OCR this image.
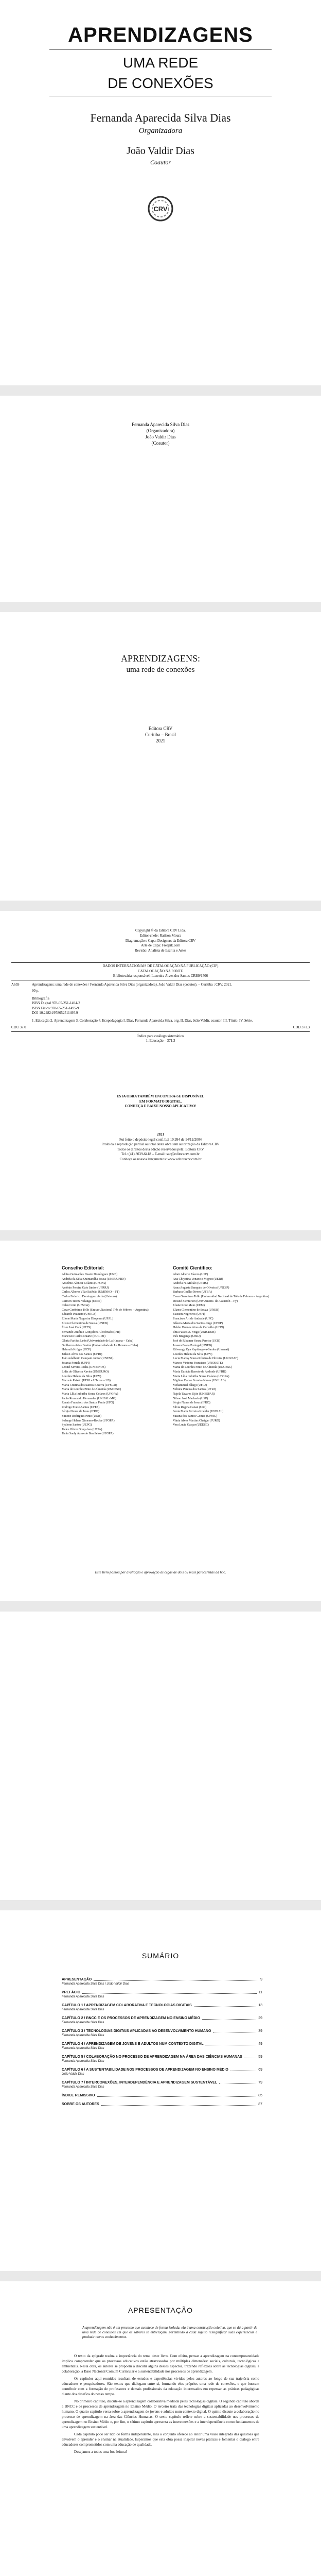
APRENDIZAGENS
UMA REDE
DE CONEXÕES
Fernanda Aparecida Silva Dias
Organizadora
João Valdir Dias
Coautor
CRV
Fernanda Aparecida Silva Dias
(Organizadora)
João Valdir Dias
(Coautor)
APRENDIZAGENS:
uma rede de conexões
Editora CRV
Curitiba – Brasil
2021
Copyright © da Editora CRV Ltda.
Editor-chefe: Railson Moura
Diagramação e Capa: Designers da Editora CRV
Arte de Capa: Freepik.com
Revisão: Analista de Escrita e Artes
DADOS INTERNACIONAIS DE CATALOGAÇÃO NA PUBLICAÇÃO (CIP)
CATALOGAÇÃO NA FONTE
Bibliotecária responsável: Luzenira Alves dos Santos CRB9/1506
A659	Aprendizagens: uma rede de conexões / Fernanda Aparecida Silva Dias (organizadora), João Valdir Dias (coautor). – Curitiba : CRV, 2021.
90 p.
Bibliografia
ISBN Digital 978-65-251-1494-2
ISBN Físico 978-65-251-1495-9
DOI 10.24824/978652511495.9
1. Educação 2. Aprendizagem 3. Colaboração 4. Ecopedagogia I. Dias, Fernanda Aparecida Silva. org. II. Dias, João Valdir. coautor. III. Título. IV. Série.
CDU 37.0	CDD 371.3
Índice para catálogo sistemático
1. Educação – 371.3
ESTA OBRA TAMBÉM ENCONTRA-SE DISPONÍVEL
EM FORMATO DIGITAL.
CONHEÇA E BAIXE NOSSO APLICATIVO!
2021
Foi feito o depósito legal conf. Lei 10.994 de 14/12/2004
Proibida a reprodução parcial ou total desta obra sem autorização da Editora CRV
Todos os direitos desta edição reservados pela: Editora CRV
Tel.: (41) 3039-6418 – E-mail: sac@editoracrv.com.br
Conheça os nossos lançamentos: www.editoracrv.com.br
Conselho Editorial:	Comitê Científico:
Aldira Guimarães Duarte Domínguez (UNB)
Andréia da Silva Quintanilha Sousa (UNIR/UFRN)
Anselmo Alencar Colares (UFOPA)
Antônio Pereira Gaio Júnior (UFRRJ)
Carlos Alberto Vilar Estêvão (UMINHO – PT)
Carlos Federico Dominguez Avila (Unieuro)
Carmen Tereza Velanga (UNIR)
Celso Conti (UFSCar)
Cesar Gerónimo Tello (Univer .Nacional Três de Febrero – Argentina)
Eduardo Pazinato (UFRGS)
Elione Maria Nogueira Diogenes (UFAL)
Elizeu Clementino de Souza (UNEB)
Élsio José Corá (UFFS)
Fernando Antônio Gonçalves Alcoforado (IPB)
Francisco Carlos Duarte (PUC-PR)
Gloria Fariñas León (Universidade de La Havana – Cuba)
Guillermo Arias Beatón (Universidade de La Havana – Cuba)
Helmuth Krüger (UCP)
Jailson Alves dos Santos (UFRJ)
João Adalberto Campato Junior (UNESP)
Josania Portela (UFPI)
Leonel Severo Rocha (UNISINOS)
Lídia de Oliveira Xavier (UNIEURO)
Lourdes Helena da Silva (UFV)
Marcelo Paixão (UFRJ e UTexas – US)
Maria Cristina dos Santos Bezerra (UFSCar)
Maria de Lourdes Pinto de Almeida (UNOESC)
Maria Lília Imbiriba Sousa Colares (UFOPA)
Paulo Romualdo Hernandes (UNIFAL-MG)
Renato Francisco dos Santos Paula (UFG)
Rodrigo Pratte-Santos (UFES)
Sérgio Nunes de Jesus (IFRO)
Simone Rodrigues Pinto (UNB)
Solange Helena Ximenes-Rocha (UFOPA)
Sydione Santos (UEPG)
Tadeu Oliver Gonçalves (UFPA)
Tania Suely Azevedo Brasileiro (UFOPA)
Altair Alberto Fávero (UPF)
Ana Chrystina Venancio Mignot (UERJ)
Andréia N. Militão (UEMS)
Anna Augusta Sampaio de Oliveira (UNESP)
Barbara Coelho Neves (UFBA)
Cesar Gerónimo Tello (Universidad Nacional de Três de Febrero – Argentina)
Diosnel Centurion (Univ Americ. de Asunción – Py)
Eliane Rose Maio (UEM)
Elizeu Clementino de Souza (UNEB)
Fauston Negreiros (UFPI)
Francisco Ari de Andrade (UFC)
Gláucia Maria dos Santos Jorge (UFOP)
Helder Buenos Aires de Carvalho (UFPI)
Ilma Passos A. Veiga (UNICEUB)
Inês Bragança (UERJ)
José de Ribamar Sousa Pereira (UCB)
Jussara Fraga Portugal (UNEB)
Kilwangy Kya Kapitango-a-Samba (Unemat)
Lourdes Helena da Silva (UFV)
Lucia Marisy Souza Ribeiro de Oliveira (UNIVASF)
Marcos Vinicius Francisco (UNOESTE)
Maria de Lourdes Pinto de Almeida (UNOESC)
Maria Eurácia Barreto de Andrade (UFRB)
Maria Lília Imbiriba Sousa Colares (UFOPA)
Míghian Danae Ferreira Nunes (UNILAB)
Mohammed Elhajji (UFRJ)
Mônica Pereira dos Santos (UFRJ)
Najela Tavares Ujiie (UNESPAR)
Nilson José Machado (USP)
Sérgio Nunes de Jesus (IFRO)
Silvia Regina Canan (URI)
Sonia Maria Ferreira Koehler (UNISAL)
Suzana dos Santos Gomes (UFMG)
Vânia Alves Martins Chaigar (FURG)
Vera Lucia Gaspar (UDESC)
Este livro passou por avaliação e aprovação às cegas de dois ou mais pareceristas ad hoc.
SUMÁRIO
APRESENTAÇÃO	9
Fernanda Aparecida Silva Dias / João Valdir Dias
PREFÁCIO	11
Fernanda Aparecida Silva Dias
CAPÍTULO 1 / APRENDIZAGEM COLABORATIVA E TECNOLOGIAS DIGITAIS	13
Fernanda Aparecida Silva Dias
CAPÍTULO 2 / BNCC E OS PROCESSOS DE APRENDIZAGEM NO ENSINO MÉDIO	29
Fernanda Aparecida Silva Dias
CAPÍTULO 3 / TECNOLOGIAS DIGITAIS APLICADAS AO DESENVOLVIMENTO HUMANO	39
Fernanda Aparecida Silva Dias
CAPÍTULO 4 / APRENDIZAGEM DE JOVENS E ADULTOS NUM CONTEXTO DIGITAL	49
Fernanda Aparecida Silva Dias
CAPÍTULO 5 / COLABORAÇÃO NO PROCESSO DE APRENDIZAGEM NA ÁREA DAS CIÊNCIAS HUMANAS	59
Fernanda Aparecida Silva Dias
CAPÍTULO 6 / A SUSTENTABILIDADE NOS PROCESSOS DE APRENDIZAGEM NO ENSINO MÉDIO	69
João Valdir Dias
CAPÍTULO 7 / INTERCONEXÕES, INTERDEPENDÊNCIA E APRENDIZAGEM SUSTENTÁVEL	79
Fernanda Aparecida Silva Dias
ÍNDICE REMISSIVO	85
SOBRE OS AUTORES	87
APRESENTAÇÃO
A aprendizagem não é um processo que acontece de forma isolada, ela é uma construção coletiva, que se dá a partir de uma rede de conexões em que os saberes se entrelaçam, permitindo a cada sujeito ressignificar suas experiências e produzir novos conhecimentos.

O texto da epígrafe traduz a importância do tema deste livro. Com efeito, pensar a aprendizagem na contemporaneidade implica compreender que os processos educativos estão atravessados por múltiplas dimensões: sociais, culturais, tecnológicas e ambientais. Nesta obra, os autores se propõem a discutir alguns desses aspectos, trazendo reflexões sobre as tecnologias digitais, a colaboração, a Base Nacional Comum Curricular e a sustentabilidade nos processos de aprendizagem.

Os capítulos aqui reunidos resultam de estudos e experiências vividas pelos autores ao longo de sua trajetória como educadores e pesquisadores. São textos que dialogam entre si, formando eles próprios uma rede de conexões, e que buscam contribuir com a formação de professores e demais profissionais da educação interessados em repensar as práticas pedagógicas diante dos desafios do nosso tempo.

No primeiro capítulo, discute-se a aprendizagem colaborativa mediada pelas tecnologias digitais. O segundo capítulo aborda a BNCC e os processos de aprendizagem no Ensino Médio. O terceiro trata das tecnologias digitais aplicadas ao desenvolvimento humano. O quarto capítulo versa sobre a aprendizagem de jovens e adultos num contexto digital. O quinto discute a colaboração no processo de aprendizagem na área das Ciências Humanas. O sexto capítulo reflete sobre a sustentabilidade nos processos de aprendizagem no Ensino Médio e, por fim, o sétimo capítulo apresenta as interconexões e a interdependência como fundamentos de uma aprendizagem sustentável.

Cada capítulo pode ser lido de forma independente, mas o conjunto oferece ao leitor uma visão integrada das questões que envolvem o aprender e o ensinar na atualidade. Esperamos que esta obra possa inspirar novas práticas e fomentar o diálogo entre educadores comprometidos com uma educação de qualidade.

Desejamos a todos uma boa leitura!
